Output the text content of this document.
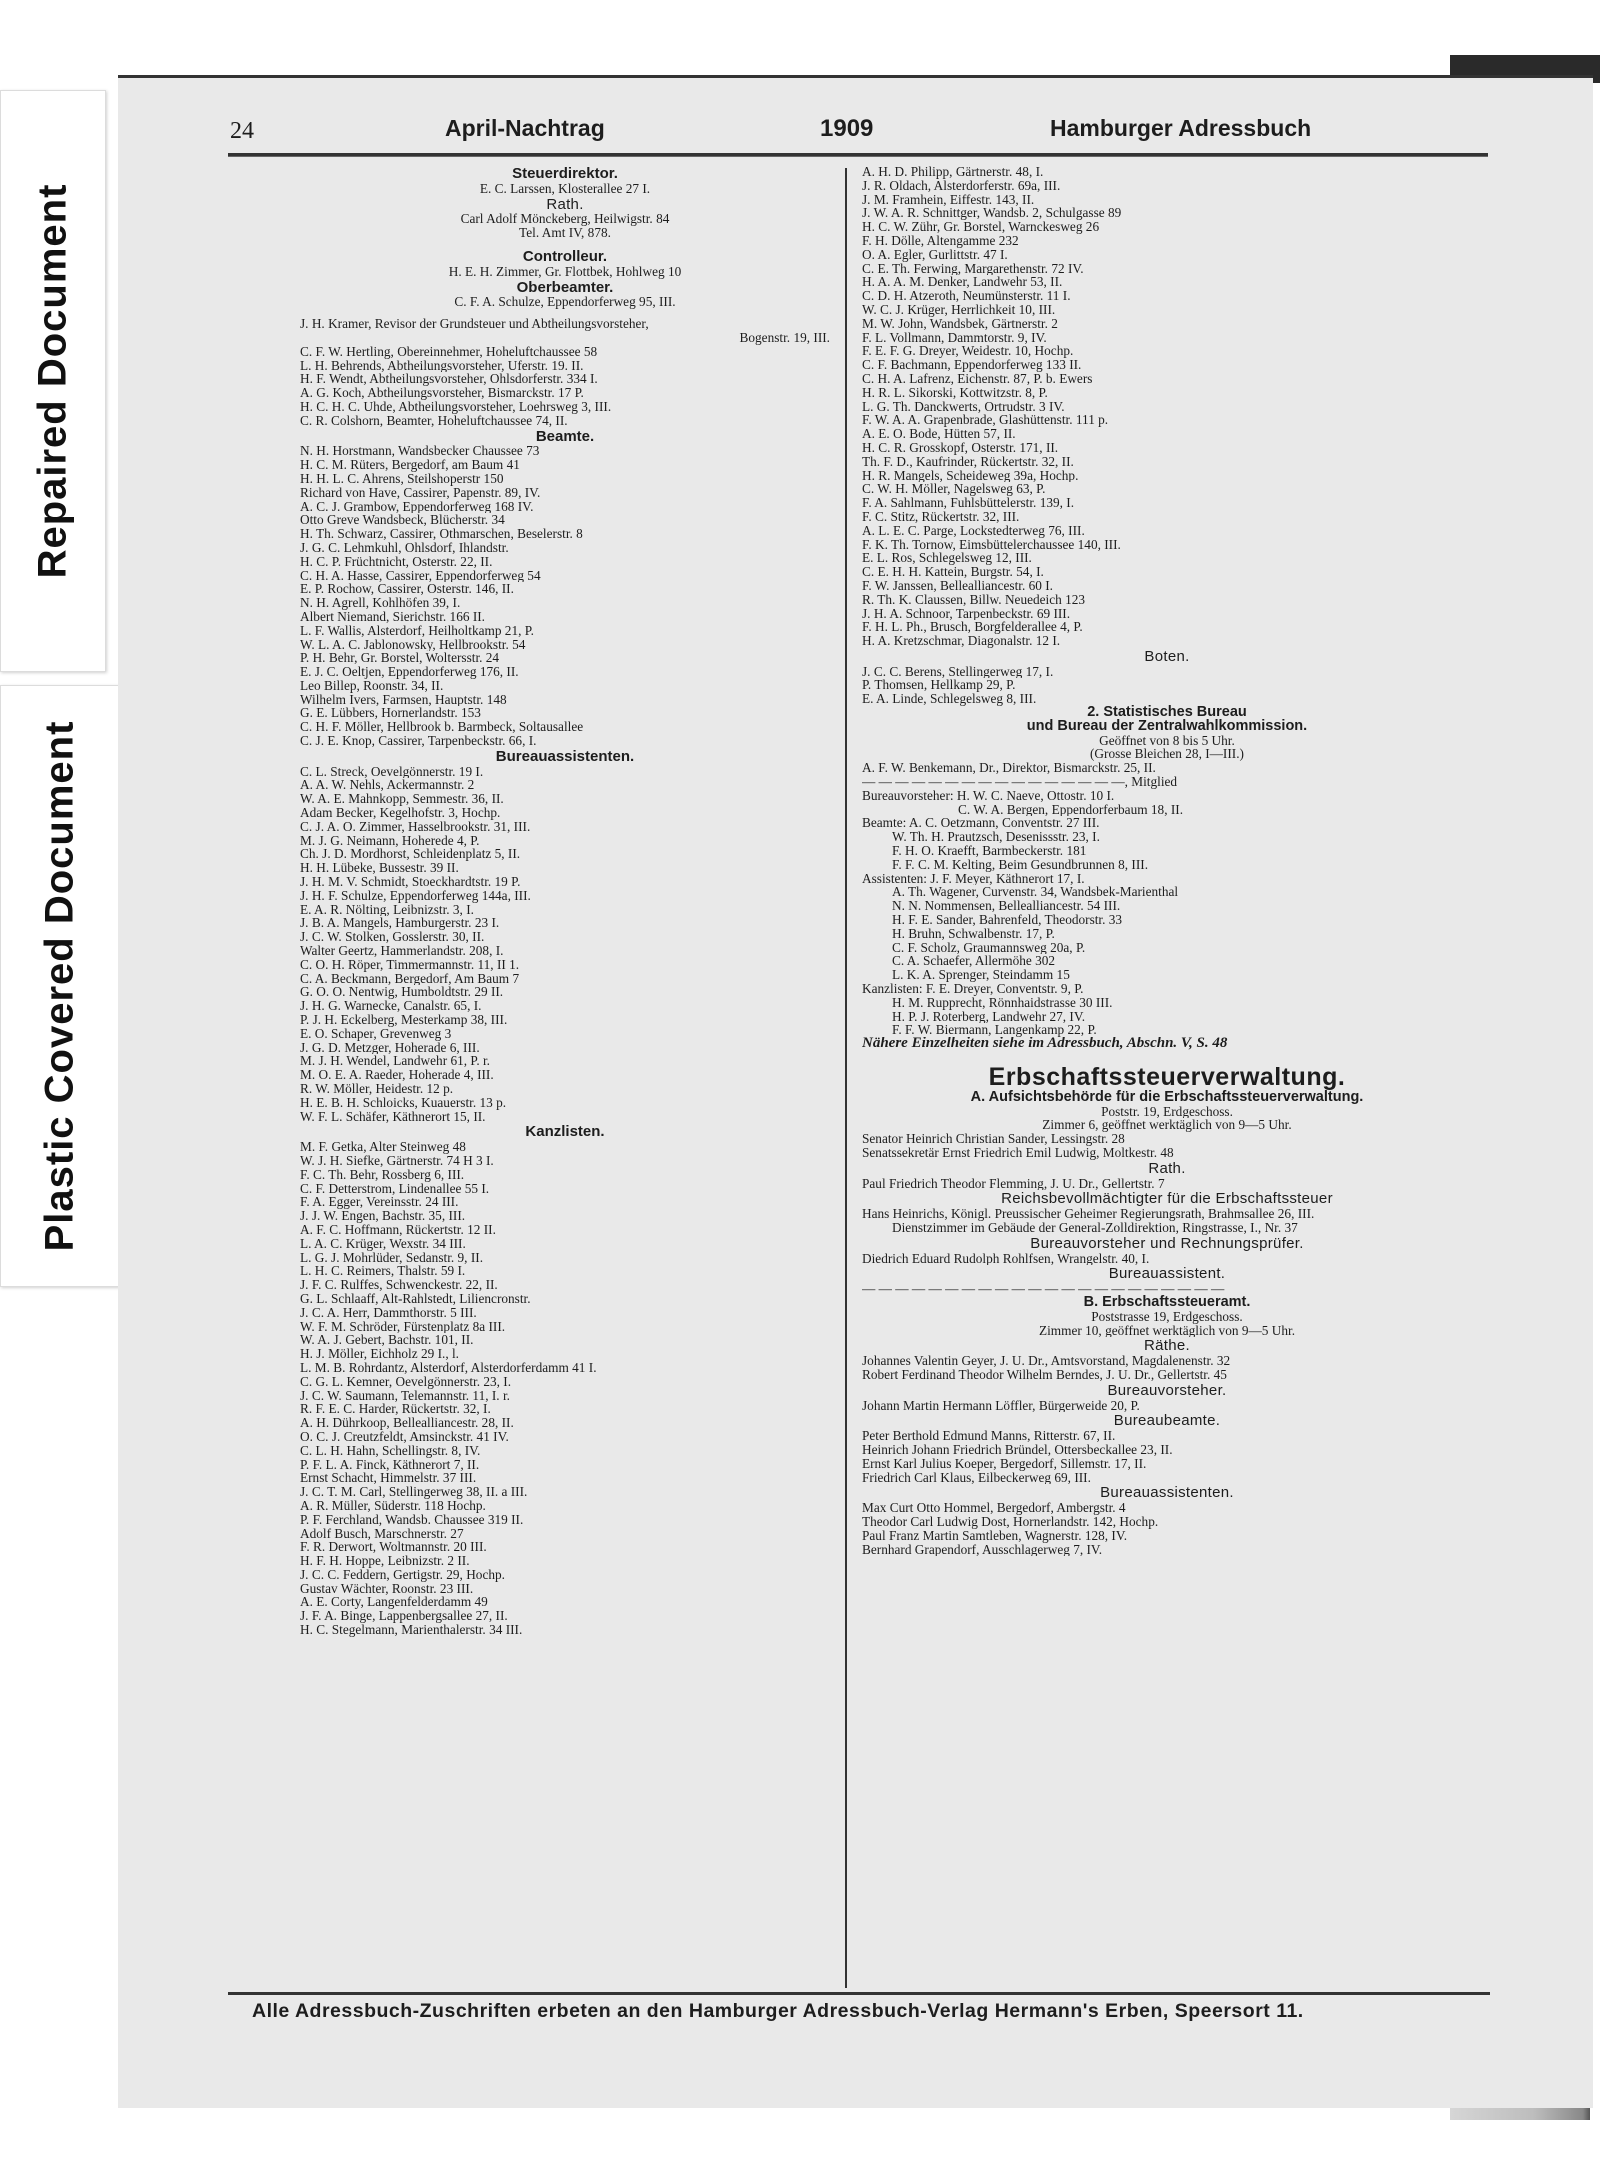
Repaired Document
Plastic Covered Document
24	April-Nachtrag	1909	Hamburger Adressbuch
Steuerdirektor.
E. C. Larssen, Klosterallee 27 I.
Rath.
Carl Adolf Mönckeberg, Heilwigstr. 84
Tel. Amt IV, 878.
Controlleur.
H. E. H. Zimmer, Gr. Flottbek, Hohlweg 10
Oberbeamter.
C. F. A. Schulze, Eppendorferweg 95, III.
J. H. Kramer, Revisor der Grundsteuer und Abtheilungsvorsteher,
Bogenstr. 19, III.
C. F. W. Hertling, Obereinnehmer, Hoheluftchaussee 58
L. H. Behrends, Abtheilungsvorsteher, Uferstr. 19. II.
H. F. Wendt, Abtheilungsvorsteher, Ohlsdorferstr. 334 I.
A. G. Koch, Abtheilungsvorsteher, Bismarckstr. 17 P.
H. C. H. C. Uhde, Abtheilungsvorsteher, Loehrsweg 3, III.
C. R. Colshorn, Beamter, Hoheluftchaussee 74, II.
Beamte.
N. H. Horstmann, Wandsbecker Chaussee 73
H. C. M. Rüters, Bergedorf, am Baum 41
H. H. L. C. Ahrens, Steilshoperstr 150
Richard von Have, Cassirer, Papenstr. 89, IV.
A. C. J. Grambow, Eppendorferweg 168 IV.
Otto Greve Wandsbeck, Blücherstr. 34
H. Th. Schwarz, Cassirer, Othmarschen, Beselerstr. 8
J. G. C. Lehmkuhl, Ohlsdorf, Ihlandstr.
H. C. P. Früchtnicht, Osterstr. 22, II.
C. H. A. Hasse, Cassirer, Eppendorferweg 54
E. P. Rochow, Cassirer, Osterstr. 146, II.
N. H. Agrell, Kohlhöfen 39, I.
Albert Niemand, Sierichstr. 166 II.
L. F. Wallis, Alsterdorf, Heilholtkamp 21, P.
W. L. A. C. Jablonowsky, Hellbrookstr. 54
P. H. Behr, Gr. Borstel, Woltersstr. 24
E. J. C. Oeltjen, Eppendorferweg 176, II.
Leo Billep, Roonstr. 34, II.
Wilhelm Ivers, Farmsen, Hauptstr. 148
G. E. Lübbers, Hornerlandstr. 153
C. H. F. Möller, Hellbrook b. Barmbeck, Soltausallee
C. J. E. Knop, Cassirer, Tarpenbeckstr. 66, I.
Bureauassistenten.
C. L. Streck, Oevelgönnerstr. 19 I.
A. A. W. Nehls, Ackermannstr. 2
W. A. E. Mahnkopp, Semmestr. 36, II.
Adam Becker, Kegelhofstr. 3, Hochp.
C. J. A. O. Zimmer, Hasselbrookstr. 31, III.
M. J. G. Neimann, Hoherede 4, P.
Ch. J. D. Mordhorst, Schleidenplatz 5, II.
H. H. Lübeke, Bussestr. 39 II.
J. H. M. V. Schmidt, Stoeckhardtstr. 19 P.
J. H. F. Schulze, Eppendorferweg 144a, III.
E. A. R. Nölting, Leibnizstr. 3, I.
J. B. A. Mangels, Hamburgerstr. 23 I.
J. C. W. Stolken, Gosslerstr. 30, II.
Walter Geertz, Hammerlandstr. 208, I.
C. O. H. Röper, Timmermannstr. 11, II 1.
C. A. Beckmann, Bergedorf, Am Baum 7
G. O. O. Nentwig, Humboldtstr. 29 II.
J. H. G. Warnecke, Canalstr. 65, I.
P. J. H. Eckelberg, Mesterkamp 38, III.
E. O. Schaper, Grevenweg 3
J. G. D. Metzger, Hoherade 6, III.
M. J. H. Wendel, Landwehr 61, P. r.
M. O. E. A. Raeder, Hoherade 4, III.
R. W. Möller, Heidestr. 12 p.
H. E. B. H. Schloicks, Kuauerstr. 13 p.
W. F. L. Schäfer, Käthnerort 15, II.
Kanzlisten.
M. F. Getka, Alter Steinweg 48
W. J. H. Siefke, Gärtnerstr. 74 H 3 I.
F. C. Th. Behr, Rossberg 6, III.
C. F. Detterstrom, Lindenallee 55 I.
F. A. Egger, Vereinsstr. 24 III.
J. J. W. Engen, Bachstr. 35, III.
A. F. C. Hoffmann, Rückertstr. 12 II.
L. A. C. Krüger, Wexstr. 34 III.
L. G. J. Mohrlüder, Sedanstr. 9, II.
L. H. C. Reimers, Thalstr. 59 I.
J. F. C. Rulffes, Schwenckestr. 22, II.
G. L. Schlaaff, Alt-Rahlstedt, Liliencronstr.
J. C. A. Herr, Dammthorstr. 5 III.
W. F. M. Schröder, Fürstenplatz 8a III.
W. A. J. Gebert, Bachstr. 101, II.
H. J. Möller, Eichholz 29 I., l.
L. M. B. Rohrdantz, Alsterdorf, Alsterdorferdamm 41 I.
C. G. L. Kemner, Oevelgönnerstr. 23, I.
J. C. W. Saumann, Telemannstr. 11, I. r.
R. F. E. C. Harder, Rückertstr. 32, I.
A. H. Dührkoop, Bellealliancestr. 28, II.
O. C. J. Creutzfeldt, Amsinckstr. 41 IV.
C. L. H. Hahn, Schellingstr. 8, IV.
P. F. L. A. Finck, Käthnerort 7, II.
Ernst Schacht, Himmelstr. 37 III.
J. C. T. M. Carl, Stellingerweg 38, II. a III.
A. R. Müller, Süderstr. 118 Hochp.
P. F. Ferchland, Wandsb. Chaussee 319 II.
Adolf Busch, Marschnerstr. 27
F. R. Derwort, Woltmannstr. 20 III.
H. F. H. Hoppe, Leibnizstr. 2 II.
J. C. C. Feddern, Gertigstr. 29, Hochp.
Gustav Wächter, Roonstr. 23 III.
A. E. Corty, Langenfelderdamm 49
J. F. A. Binge, Lappenbergsallee 27, II.
H. C. Stegelmann, Marienthalerstr. 34 III.
A. H. D. Philipp, Gärtnerstr. 48, I.
J. R. Oldach, Alsterdorferstr. 69a, III.
J. M. Framhein, Eiffestr. 143, II.
J. W. A. R. Schnittger, Wandsb. 2, Schulgasse 89
H. C. W. Zühr, Gr. Borstel, Warnckesweg 26
F. H. Dölle, Altengamme 232
O. A. Egler, Gurlittstr. 47 I.
C. E. Th. Ferwing, Margarethenstr. 72 IV.
H. A. A. M. Denker, Landwehr 53, II.
C. D. H. Atzeroth, Neumünsterstr. 11 I.
W. C. J. Krüger, Herrlichkeit 10, III.
M. W. John, Wandsbek, Gärtnerstr. 2
F. L. Vollmann, Dammtorstr. 9, IV.
F. E. F. G. Dreyer, Weidestr. 10, Hochp.
C. F. Bachmann, Eppendorferweg 133 II.
C. H. A. Lafrenz, Eichenstr. 87, P. b. Ewers
H. R. L. Sikorski, Kottwitzstr. 8, P.
L. G. Th. Danckwerts, Ortrudstr. 3 IV.
F. W. A. A. Grapenbrade, Glashüttenstr. 111 p.
A. E. O. Bode, Hütten 57, II.
H. C. R. Grosskopf, Osterstr. 171, II.
Th. F. D., Kaufrinder, Rückertstr. 32, II.
H. R. Mangels, Scheideweg 39a, Hochp.
C. W. H. Möller, Nagelsweg 63, P.
F. A. Sahlmann, Fuhlsbüttelerstr. 139, I.
F. C. Stitz, Rückertstr. 32, III.
A. L. E. C. Parge, Lockstedterweg 76, III.
F. K. Th. Tornow, Eimsbüttelerchaussee 140, III.
E. L. Ros, Schlegelsweg 12, III.
C. E. H. H. Kattein, Burgstr. 54, I.
F. W. Janssen, Bellealliancestr. 60 I.
R. Th. K. Claussen, Billw. Neuedeich 123
J. H. A. Schnoor, Tarpenbeckstr. 69 III.
F. H. L. Ph., Brusch, Borgfelderallee 4, P.
H. A. Kretzschmar, Diagonalstr. 12 I.
Boten.
J. C. C. Berens, Stellingerweg 17, I.
P. Thomsen, Hellkamp 29, P.
E. A. Linde, Schlegelsweg 8, III.
2. Statistisches Bureau
und Bureau der Zentralwahlkommission.
Geöffnet von 8 bis 5 Uhr.
(Grosse Bleichen 28, I—III.)
A. F. W. Benkemann, Dr., Direktor, Bismarckstr. 25, II.
— — — — — — — — — — — — — — — —, Mitglied
Bureauvorsteher: H. W. C. Naeve, Ottostr. 10 I.
C. W. A. Bergen, Eppendorferbaum 18, II.
Beamte: A. C. Oetzmann, Conventstr. 27 III.
W. Th. H. Prautzsch, Desenissstr. 23, I.
F. H. O. Kraefft, Barmbeckerstr. 181
F. F. C. M. Kelting, Beim Gesundbrunnen 8, III.
Assistenten: J. F. Meyer, Käthnerort 17, I.
A. Th. Wagener, Curvenstr. 34, Wandsbek-Marienthal
N. N. Nommensen, Bellealliancestr. 54 III.
H. F. E. Sander, Bahrenfeld, Theodorstr. 33
H. Bruhn, Schwalbenstr. 17, P.
C. F. Scholz, Graumannsweg 20a, P.
C. A. Schaefer, Allermöhe 302
L. K. A. Sprenger, Steindamm 15
Kanzlisten: F. E. Dreyer, Conventstr. 9, P.
H. M. Rupprecht, Rönnhaidstrasse 30 III.
H. P. J. Roterberg, Landwehr 27, IV.
F. F. W. Biermann, Langenkamp 22, P.
Nähere Einzelheiten siehe im Adressbuch, Abschn. V, S. 48
Erbschaftssteuerverwaltung.
A. Aufsichtsbehörde für die Erbschaftssteuerverwaltung.
Poststr. 19, Erdgeschoss.
Zimmer 6, geöffnet werktäglich von 9—5 Uhr.
Senator Heinrich Christian Sander, Lessingstr. 28
Senatssekretär Ernst Friedrich Emil Ludwig, Moltkestr. 48
Rath.
Paul Friedrich Theodor Flemming, J. U. Dr., Gellertstr. 7
Reichsbevollmächtigter für die Erbschaftssteuer
Hans Heinrichs, Königl. Preussischer Geheimer Regierungsrath, Brahmsallee 26, III.
Dienstzimmer im Gebäude der General-Zolldirektion, Ringstrasse, I., Nr. 37
Bureauvorsteher und Rechnungsprüfer.
Diedrich Eduard Rudolph Rohlfsen, Wrangelstr. 40, I.
Bureauassistent.
— — — — — — — — — — — — — — — — — — — — — —
B. Erbschaftssteueramt.
Poststrasse 19, Erdgeschoss.
Zimmer 10, geöffnet werktäglich von 9—5 Uhr.
Räthe.
Johannes Valentin Geyer, J. U. Dr., Amtsvorstand, Magdalenenstr. 32
Robert Ferdinand Theodor Wilhelm Berndes, J. U. Dr., Gellertstr. 45
Bureauvorsteher.
Johann Martin Hermann Löffler, Bürgerweide 20, P.
Bureaubeamte.
Peter Berthold Edmund Manns, Ritterstr. 67, II.
Heinrich Johann Friedrich Bründel, Ottersbeckallee 23, II.
Ernst Karl Julius Koeper, Bergedorf, Sillemstr. 17, II.
Friedrich Carl Klaus, Eilbeckerweg 69, III.
Bureauassistenten.
Max Curt Otto Hommel, Bergedorf, Ambergstr. 4
Theodor Carl Ludwig Dost, Hornerlandstr. 142, Hochp.
Paul Franz Martin Samtleben, Wagnerstr. 128, IV.
Bernhard Grapendorf, Ausschlagerweg 7, IV.
Alle Adressbuch-Zuschriften erbeten an den Hamburger Adressbuch-Verlag Hermann's Erben, Speersort 11.
